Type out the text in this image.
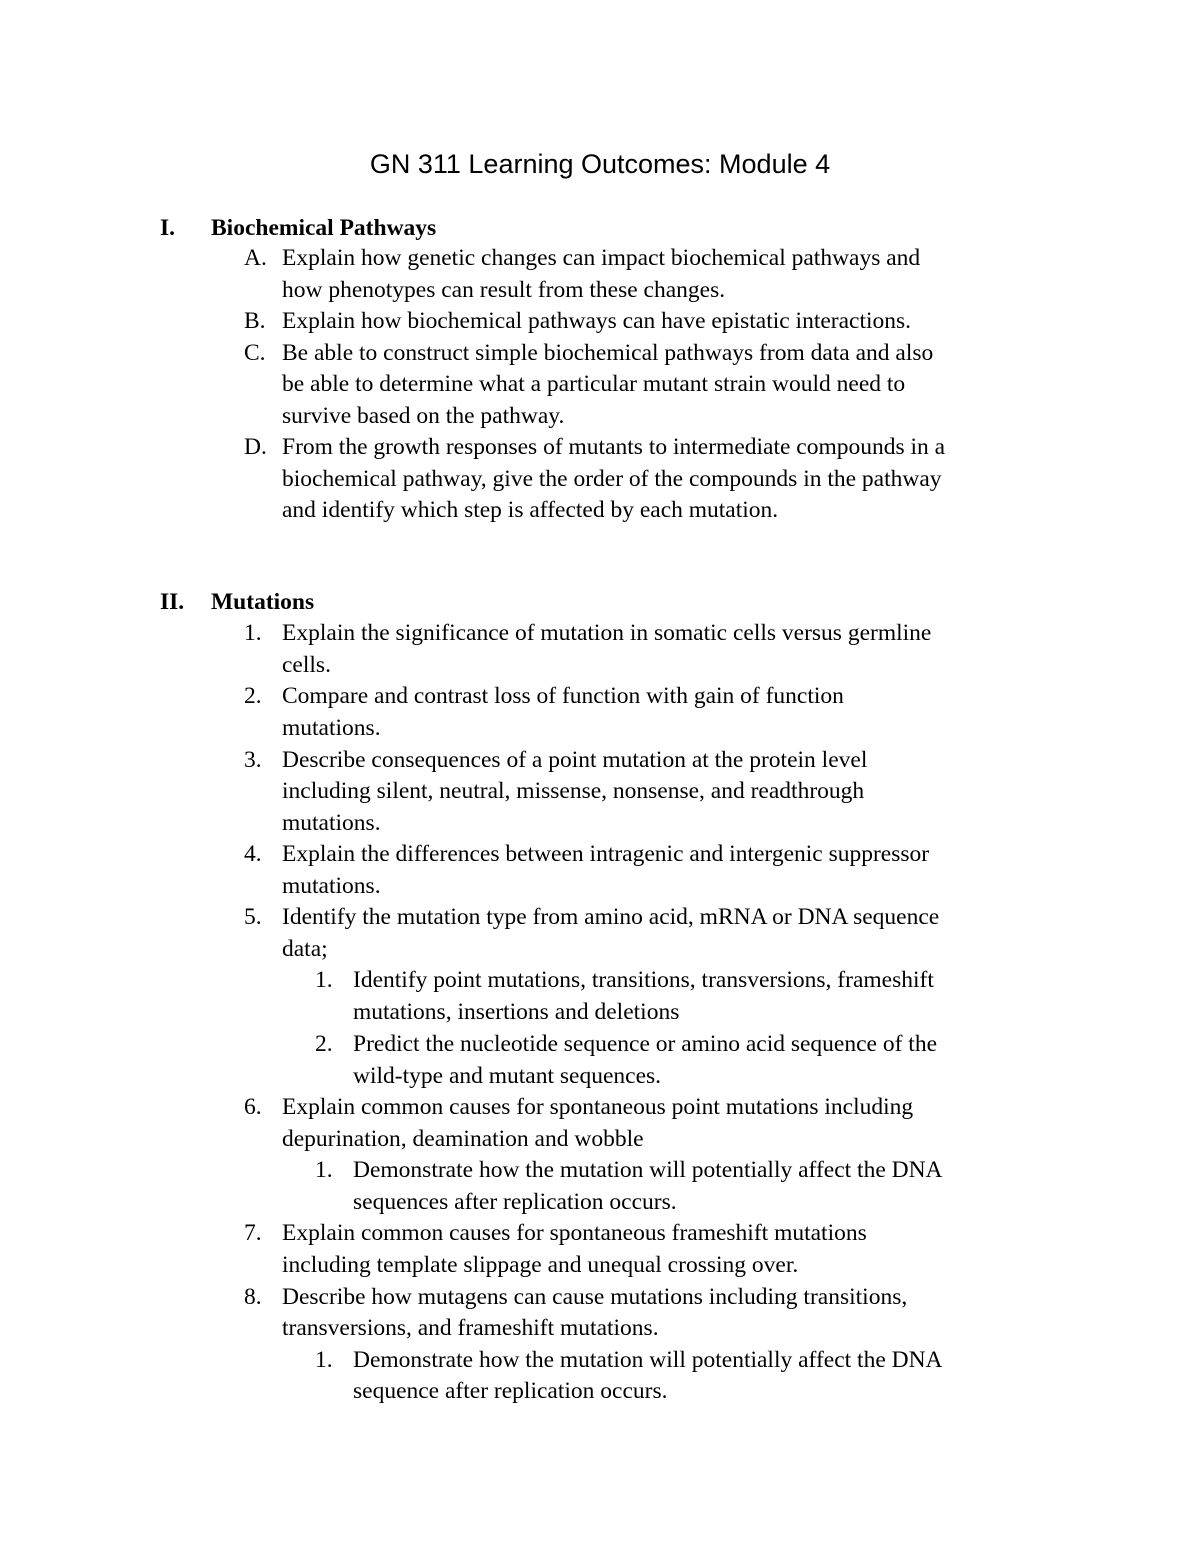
GN 311 Learning Outcomes: Module 4
I. Biochemical Pathways
A. Explain how genetic changes can impact biochemical pathways and
how phenotypes can result from these changes.
B. Explain how biochemical pathways can have epistatic interactions.
C. Be able to construct simple biochemical pathways from data and also
be able to determine what a particular mutant strain would need to
survive based on the pathway.
D. From the growth responses of mutants to intermediate compounds in a
biochemical pathway, give the order of the compounds in the pathway
and identify which step is affected by each mutation.
II. Mutations
1. Explain the significance of mutation in somatic cells versus germline
cells.
2. Compare and contrast loss of function with gain of function
mutations.
3. Describe consequences of a point mutation at the protein level
including silent, neutral, missense, nonsense, and readthrough
mutations.
4. Explain the differences between intragenic and intergenic suppressor
mutations.
5. Identify the mutation type from amino acid, mRNA or DNA sequence
data;
1. Identify point mutations, transitions, transversions, frameshift
mutations, insertions and deletions
2. Predict the nucleotide sequence or amino acid sequence of the
wild-type and mutant sequences.
6. Explain common causes for spontaneous point mutations including
depurination, deamination and wobble
1. Demonstrate how the mutation will potentially affect the DNA
sequences after replication occurs.
7. Explain common causes for spontaneous frameshift mutations
including template slippage and unequal crossing over.
8. Describe how mutagens can cause mutations including transitions,
transversions, and frameshift mutations.
1. Demonstrate how the mutation will potentially affect the DNA
sequence after replication occurs.
